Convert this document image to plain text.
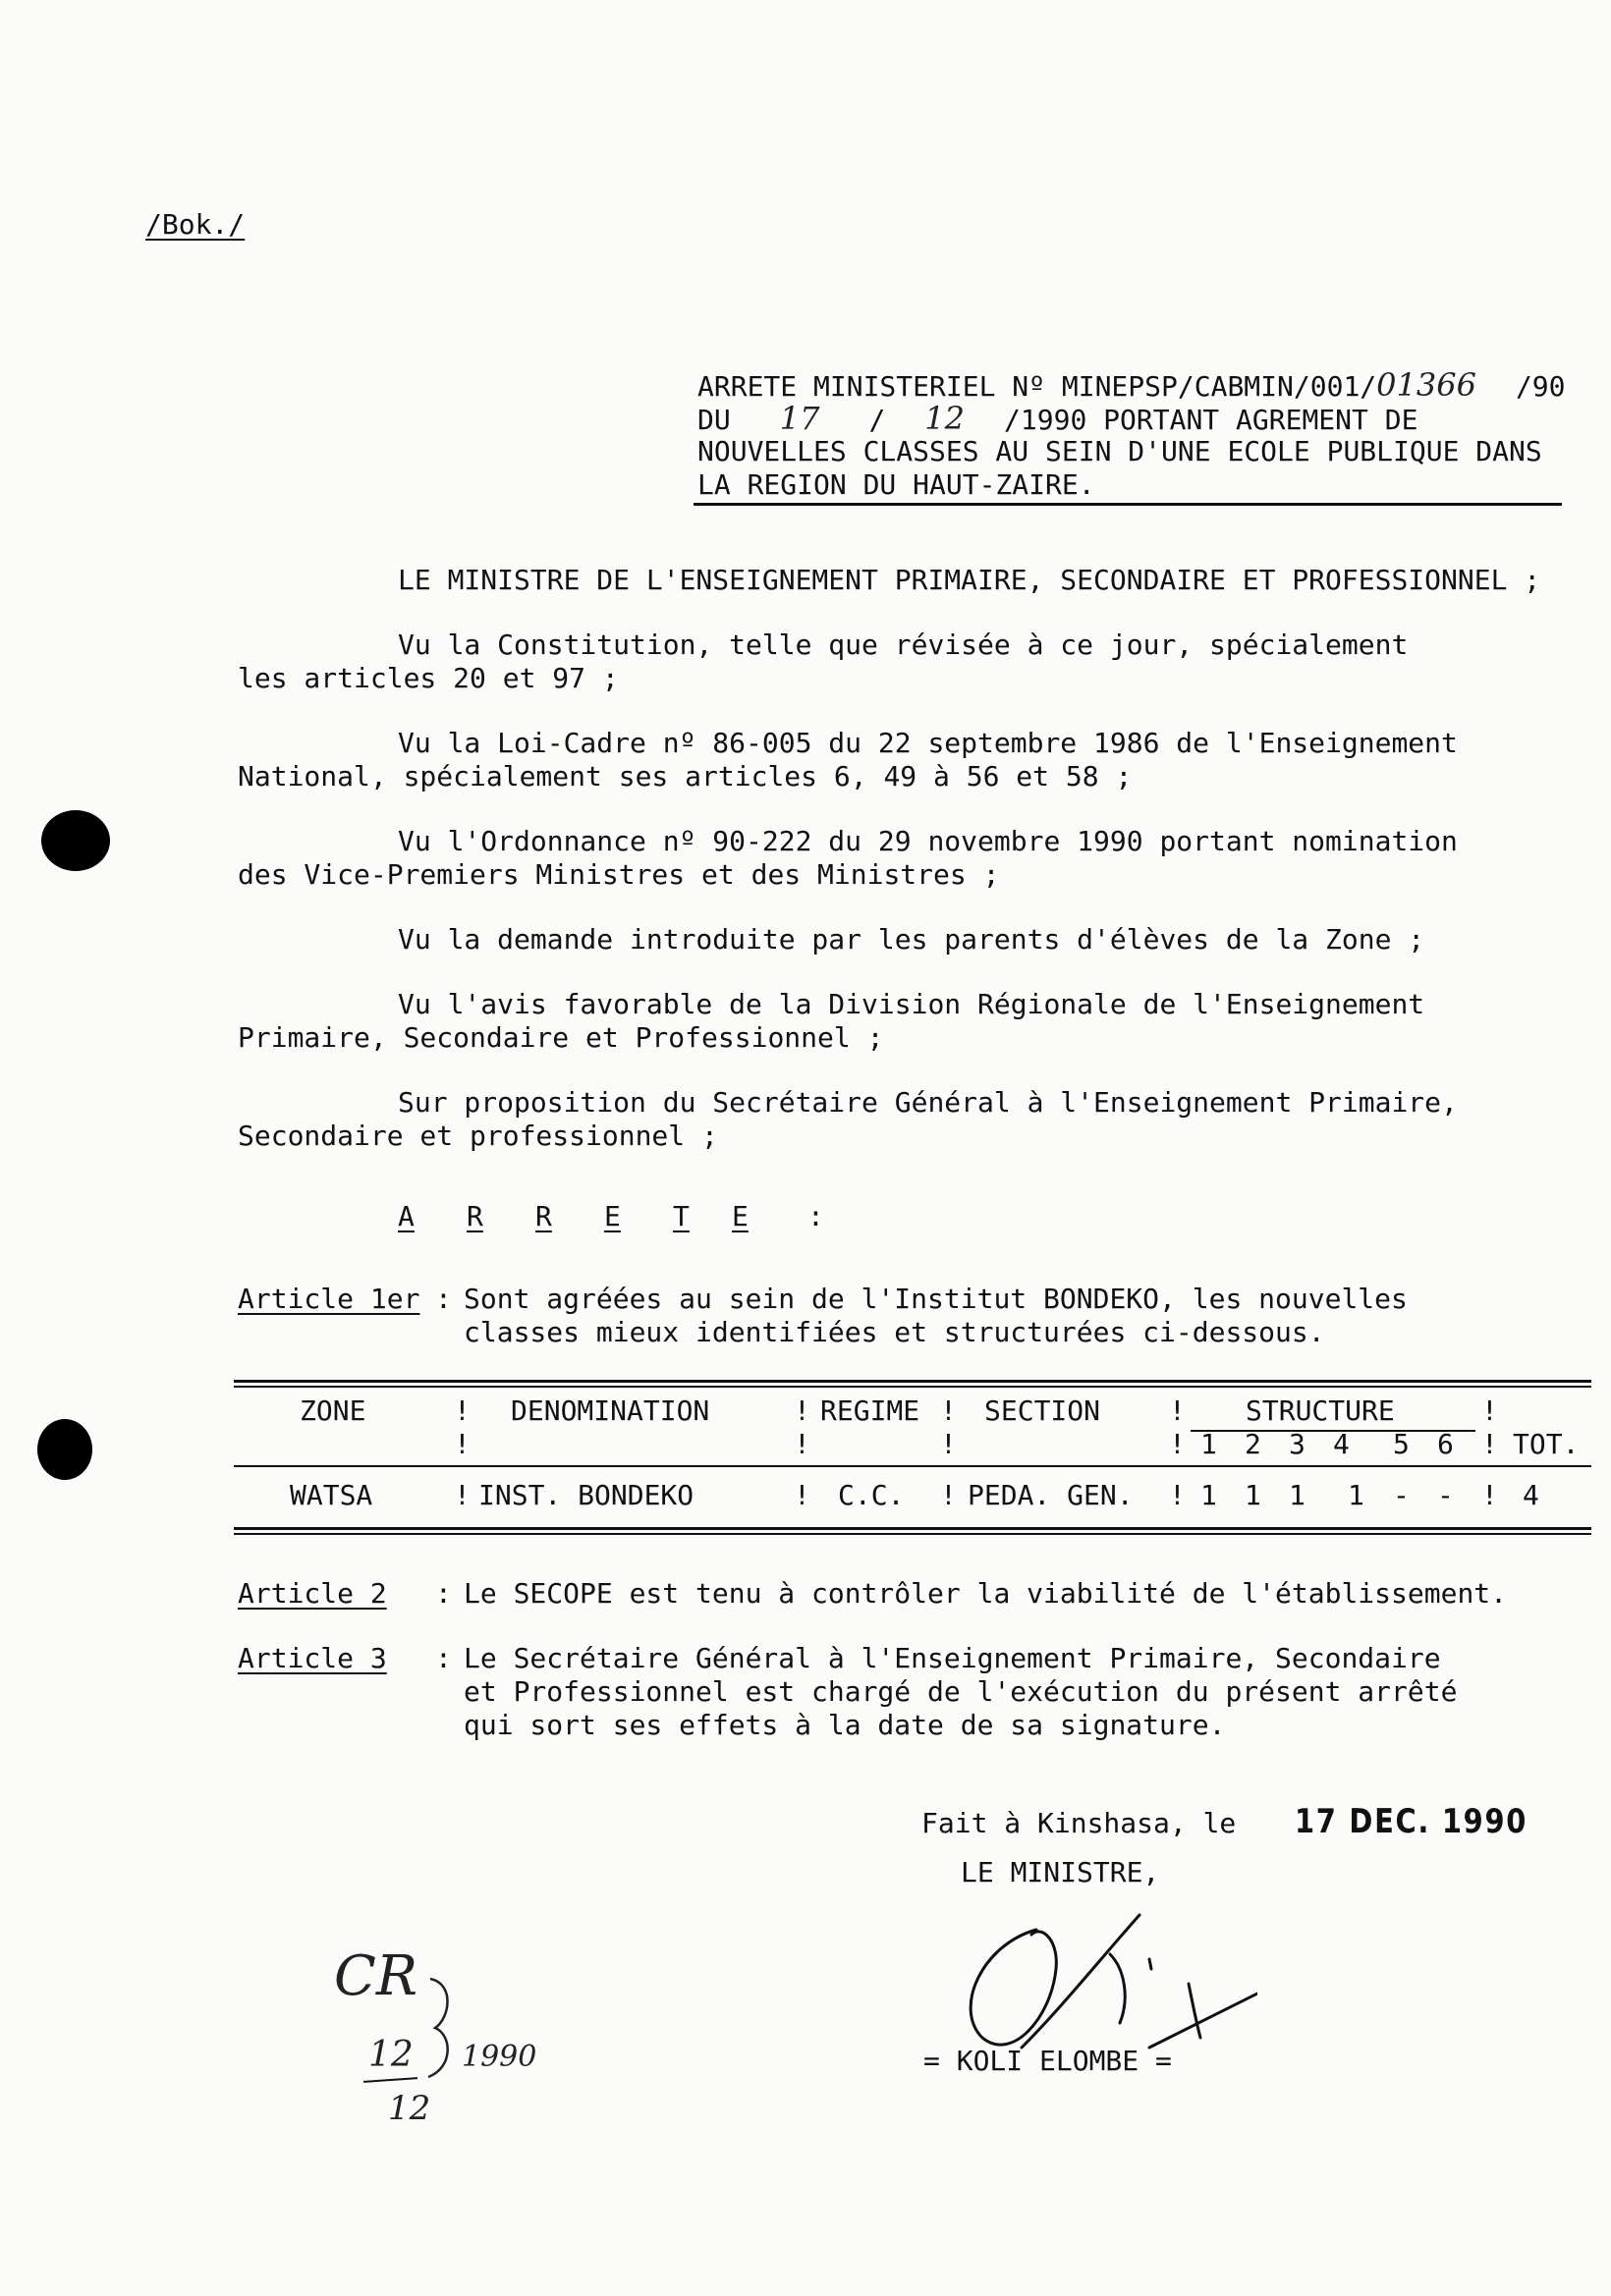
/Bok./
ARRETE MINISTERIEL Nº MINEPSP/CABMIN/001/01366 /90
DU 17 / 12 /1990 PORTANT AGREMENT DE
NOUVELLES CLASSES AU SEIN D'UNE ECOLE PUBLIQUE DANS
LA REGION DU HAUT-ZAIRE.
LE MINISTRE DE L'ENSEIGNEMENT PRIMAIRE, SECONDAIRE ET PROFESSIONNEL ;
Vu la Constitution, telle que révisée à ce jour, spécialement
les articles 20 et 97 ;
Vu la Loi-Cadre nº 86-005 du 22 septembre 1986 de l'Enseignement
National, spécialement ses articles 6, 49 à 56 et 58 ;
Vu l'Ordonnance nº 90-222 du 29 novembre 1990 portant nomination
des Vice-Premiers Ministres et des Ministres ;
Vu la demande introduite par les parents d'élèves de la Zone ;
Vu l'avis favorable de la Division Régionale de l'Enseignement
Primaire, Secondaire et Professionnel ;
Sur proposition du Secrétaire Général à l'Enseignement Primaire,
Secondaire et professionnel ;
A R R E T E :
Article 1er : Sont agréées au sein de l'Institut BONDEKO, les nouvelles
classes mieux identifiées et structurées ci-dessous.
ZONE	! DENOMINATION	! REGIME ! SECTION ! STRUCTURE	!
!	!	!	! 1 2 3 4 5 6 ! TOT.
WATSA	! INST. BONDEKO	! C.C. ! PEDA. GEN. ! 1 1 1 1 - - ! 4
Article 2 : Le SECOPE est tenu à contrôler la viabilité de l'établissement.
Article 3 : Le Secrétaire Général à l'Enseignement Primaire, Secondaire
et Professionnel est chargé de l'exécution du présent arrêté
qui sort ses effets à la date de sa signature.
Fait à Kinshasa, le 17 DEC. 1990
LE MINISTRE,
= KOLI ELOMBE =
CR
12 1990
12
